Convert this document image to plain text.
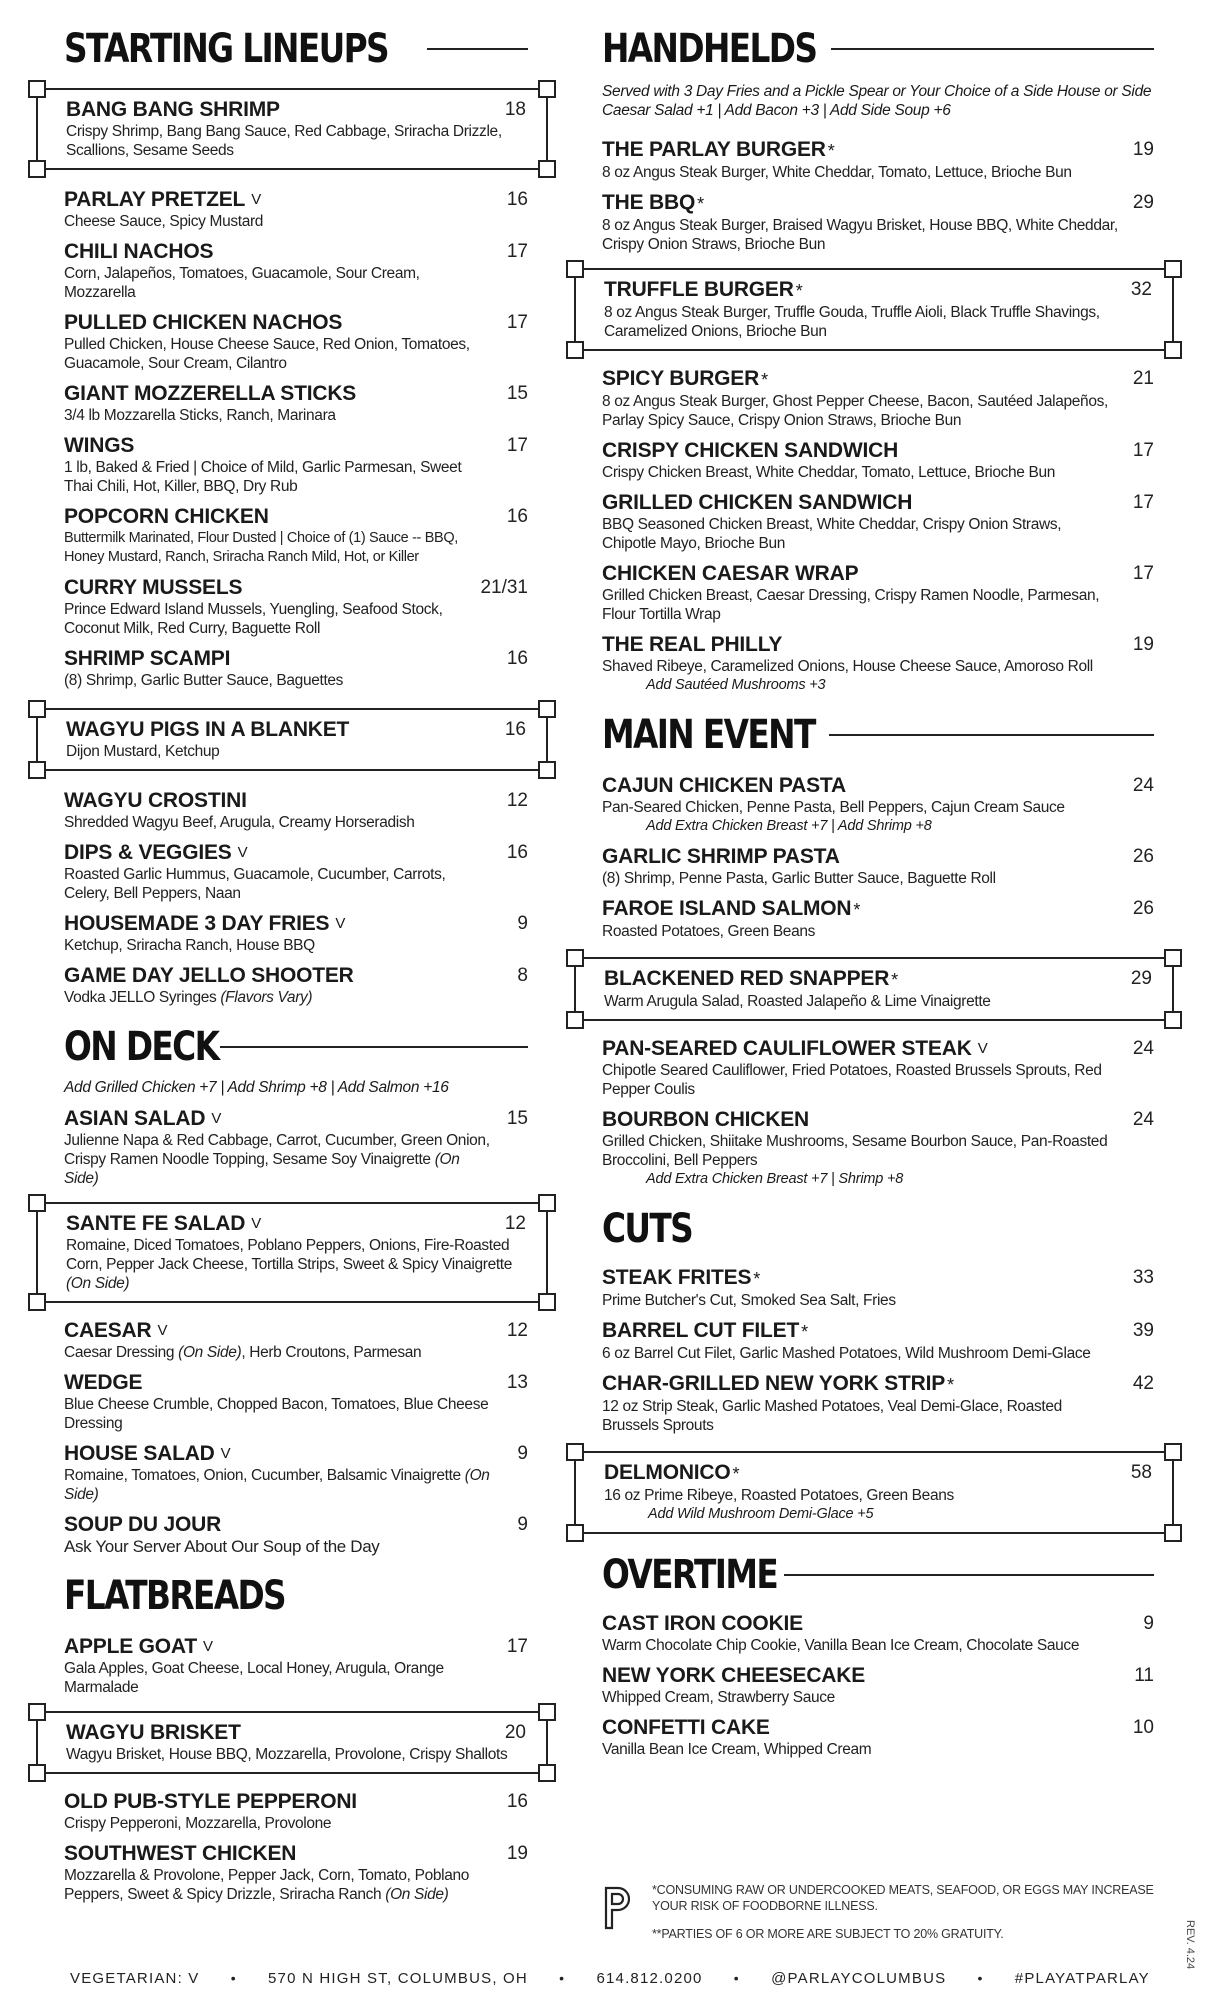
STARTING LINEUPS
BANG BANG SHRIMP	18
Crispy Shrimp, Bang Bang Sauce, Red Cabbage, Sriracha Drizzle, Scallions, Sesame Seeds
PARLAY PRETZEL V	16
Cheese Sauce, Spicy Mustard
CHILI NACHOS	17
Corn, Jalapeños, Tomatoes, Guacamole, Sour Cream, Mozzarella
PULLED CHICKEN NACHOS	17
Pulled Chicken, House Cheese Sauce, Red Onion, Tomatoes, Guacamole, Sour Cream, Cilantro
GIANT MOZZERELLA STICKS	15
3/4 lb Mozzarella Sticks, Ranch, Marinara
WINGS	17
1 lb, Baked & Fried | Choice of Mild, Garlic Parmesan, Sweet Thai Chili, Hot, Killer, BBQ, Dry Rub
POPCORN CHICKEN	16
Buttermilk Marinated, Flour Dusted | Choice of (1) Sauce -- BBQ, Honey Mustard, Ranch, Sriracha Ranch Mild, Hot, or Killer
CURRY MUSSELS	21/31
Prince Edward Island Mussels, Yuengling, Seafood Stock, Coconut Milk, Red Curry, Baguette Roll
SHRIMP SCAMPI	16
(8) Shrimp, Garlic Butter Sauce, Baguettes
WAGYU PIGS IN A BLANKET	16
Dijon Mustard, Ketchup
WAGYU CROSTINI	12
Shredded Wagyu Beef, Arugula, Creamy Horseradish
DIPS & VEGGIES V	16
Roasted Garlic Hummus, Guacamole, Cucumber, Carrots, Celery, Bell Peppers, Naan
HOUSEMADE 3 DAY FRIES V	9
Ketchup, Sriracha Ranch, House BBQ
GAME DAY JELLO SHOOTER	8
Vodka JELLO Syringes (Flavors Vary)
ON DECK
Add Grilled Chicken +7 | Add Shrimp +8 | Add Salmon +16
ASIAN SALAD V	15
Julienne Napa & Red Cabbage, Carrot, Cucumber, Green Onion, Crispy Ramen Noodle Topping, Sesame Soy Vinaigrette (On Side)
SANTE FE SALAD V	12
Romaine, Diced Tomatoes, Poblano Peppers, Onions, Fire-Roasted Corn, Pepper Jack Cheese, Tortilla Strips, Sweet & Spicy Vinaigrette (On Side)
CAESAR V	12
Caesar Dressing (On Side), Herb Croutons, Parmesan
WEDGE	13
Blue Cheese Crumble, Chopped Bacon, Tomatoes, Blue Cheese Dressing
HOUSE SALAD V	9
Romaine, Tomatoes, Onion, Cucumber, Balsamic Vinaigrette (On Side)
SOUP DU JOUR	9
Ask Your Server About Our Soup of the Day
FLATBREADS
APPLE GOAT V	17
Gala Apples, Goat Cheese, Local Honey, Arugula, Orange Marmalade
WAGYU BRISKET	20
Wagyu Brisket, House BBQ, Mozzarella, Provolone, Crispy Shallots
OLD PUB-STYLE PEPPERONI	16
Crispy Pepperoni, Mozzarella, Provolone
SOUTHWEST CHICKEN	19
Mozzarella & Provolone, Pepper Jack, Corn, Tomato, Poblano Peppers, Sweet & Spicy Drizzle, Sriracha Ranch (On Side)
HANDHELDS
Served with 3 Day Fries and a Pickle Spear or Your Choice of a Side House or Side Caesar Salad +1 | Add Bacon +3 | Add Side Soup +6
THE PARLAY BURGER *	19
8 oz Angus Steak Burger, White Cheddar, Tomato, Lettuce, Brioche Bun
THE BBQ *	29
8 oz Angus Steak Burger, Braised Wagyu Brisket, House BBQ, White Cheddar, Crispy Onion Straws, Brioche Bun
TRUFFLE BURGER *	32
8 oz Angus Steak Burger, Truffle Gouda, Truffle Aioli, Black Truffle Shavings, Caramelized Onions, Brioche Bun
SPICY BURGER *	21
8 oz Angus Steak Burger, Ghost Pepper Cheese, Bacon, Sautéed Jalapeños, Parlay Spicy Sauce, Crispy Onion Straws, Brioche Bun
CRISPY CHICKEN SANDWICH	17
Crispy Chicken Breast, White Cheddar, Tomato, Lettuce, Brioche Bun
GRILLED CHICKEN SANDWICH	17
BBQ Seasoned Chicken Breast, White Cheddar, Crispy Onion Straws, Chipotle Mayo, Brioche Bun
CHICKEN CAESAR WRAP	17
Grilled Chicken Breast, Caesar Dressing, Crispy Ramen Noodle, Parmesan, Flour Tortilla Wrap
THE REAL PHILLY	19
Shaved Ribeye, Caramelized Onions, House Cheese Sauce, Amoroso Roll
Add Sautéed Mushrooms +3
MAIN EVENT
CAJUN CHICKEN PASTA	24
Pan-Seared Chicken, Penne Pasta, Bell Peppers, Cajun Cream Sauce
Add Extra Chicken Breast +7 | Add Shrimp +8
GARLIC SHRIMP PASTA	26
(8) Shrimp, Penne Pasta, Garlic Butter Sauce, Baguette Roll
FAROE ISLAND SALMON *	26
Roasted Potatoes, Green Beans
BLACKENED RED SNAPPER *	29
Warm Arugula Salad, Roasted Jalapeño & Lime Vinaigrette
PAN-SEARED CAULIFLOWER STEAK V	24
Chipotle Seared Cauliflower, Fried Potatoes, Roasted Brussels Sprouts, Red Pepper Coulis
BOURBON CHICKEN	24
Grilled Chicken, Shiitake Mushrooms, Sesame Bourbon Sauce, Pan-Roasted Broccolini, Bell Peppers
Add Extra Chicken Breast +7 | Shrimp +8
CUTS
STEAK FRITES *	33
Prime Butcher's Cut, Smoked Sea Salt, Fries
BARREL CUT FILET *	39
6 oz Barrel Cut Filet, Garlic Mashed Potatoes, Wild Mushroom Demi-Glace
CHAR-GRILLED NEW YORK STRIP *	42
12 oz Strip Steak, Garlic Mashed Potatoes, Veal Demi-Glace, Roasted Brussels Sprouts
DELMONICO *	58
16 oz Prime Ribeye, Roasted Potatoes, Green Beans
Add Wild Mushroom Demi-Glace +5
OVERTIME
CAST IRON COOKIE	9
Warm Chocolate Chip Cookie, Vanilla Bean Ice Cream, Chocolate Sauce
NEW YORK CHEESECAKE	11
Whipped Cream, Strawberry Sauce
CONFETTI CAKE	10
Vanilla Bean Ice Cream, Whipped Cream
*CONSUMING RAW OR UNDERCOOKED MEATS, SEAFOOD, OR EGGS MAY INCREASE
YOUR RISK OF FOODBORNE ILLNESS.
**PARTIES OF 6 OR MORE ARE SUBJECT TO 20% GRATUITY.	REV. 4.24
VEGETARIAN: V • 570 N HIGH ST, COLUMBUS, OH • 614.812.0200 • @PARLAYCOLUMBUS • #PLAYATPARLAY
